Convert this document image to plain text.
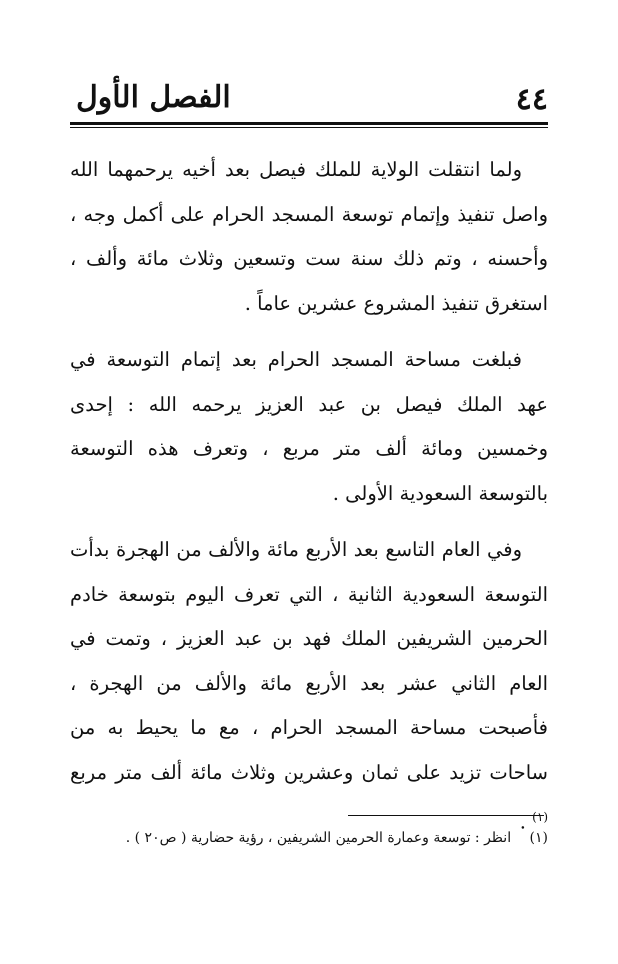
٤٤
الفصل الأول

ولما انتقلت الولاية للملك فيصل بعد أخيه يرحمهما الله واصل تنفيذ وإتمام توسعة المسجد الحرام على أكمل وجه ، وأحسنه ، وتم ذلك سنة ست وتسعين وثلاث مائة وألف ، استغرق تنفيذ المشروع عشرين عاماً .

فبلغت مساحة المسجد الحرام بعد إتمام التوسعة في عهد الملك فيصل بن عبد العزيز يرحمه الله : إحدى وخمسين ومائة ألف متر مربع ، وتعرف هذه التوسعة بالتوسعة السعودية الأولى .

وفي العام التاسع بعد الأربع مائة والألف من الهجرة بدأت التوسعة السعودية الثانية ، التي تعرف اليوم بتوسعة خادم الحرمين الشريفين الملك فهد بن عبد العزيز ، وتمت في العام الثاني عشر بعد الأربع مائة والألف من الهجرة ، فأصبحت مساحة المسجد الحرام ، مع ما يحيط به من ساحات تزيد على ثمان وعشرين وثلاث مائة ألف متر مربع $^{(١)}$ .

(١) انظر : توسعة وعمارة الحرمين الشريفين ، رؤية حضارية ( ص٢٠ ) .
